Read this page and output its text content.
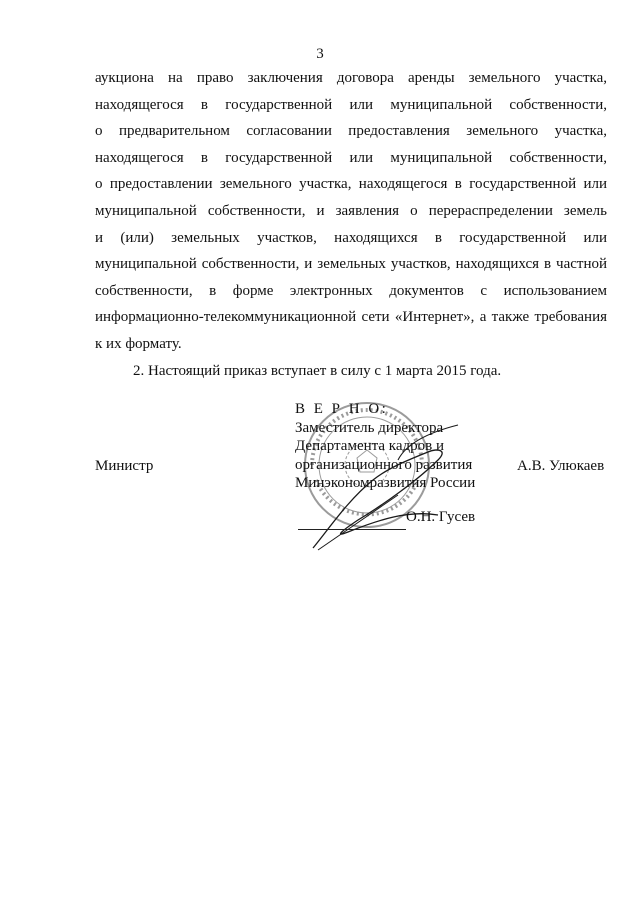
3
аукциона на право заключения договора аренды земельного участка,
находящегося в государственной или муниципальной собственности,
о предварительном согласовании предоставления земельного участка,
находящегося в государственной или муниципальной собственности,
о предоставлении земельного участка, находящегося в государственной или
муниципальной собственности, и заявления о перераспределении земель
и (или) земельных участков, находящихся в государственной или
муниципальной собственности, и земельных участков, находящихся в частной
собственности, в форме электронных документов с использованием
информационно-телекоммуникационной сети «Интернет», а также требования
к их формату.
2. Настоящий приказ вступает в силу с 1 марта 2015 года.
В Е Р Н О:
Заместитель директора
Департамента кадров и
организационного развития
Минэкономразвития России
Министр	А.В. Улюкаев
О.Н. Гусев
